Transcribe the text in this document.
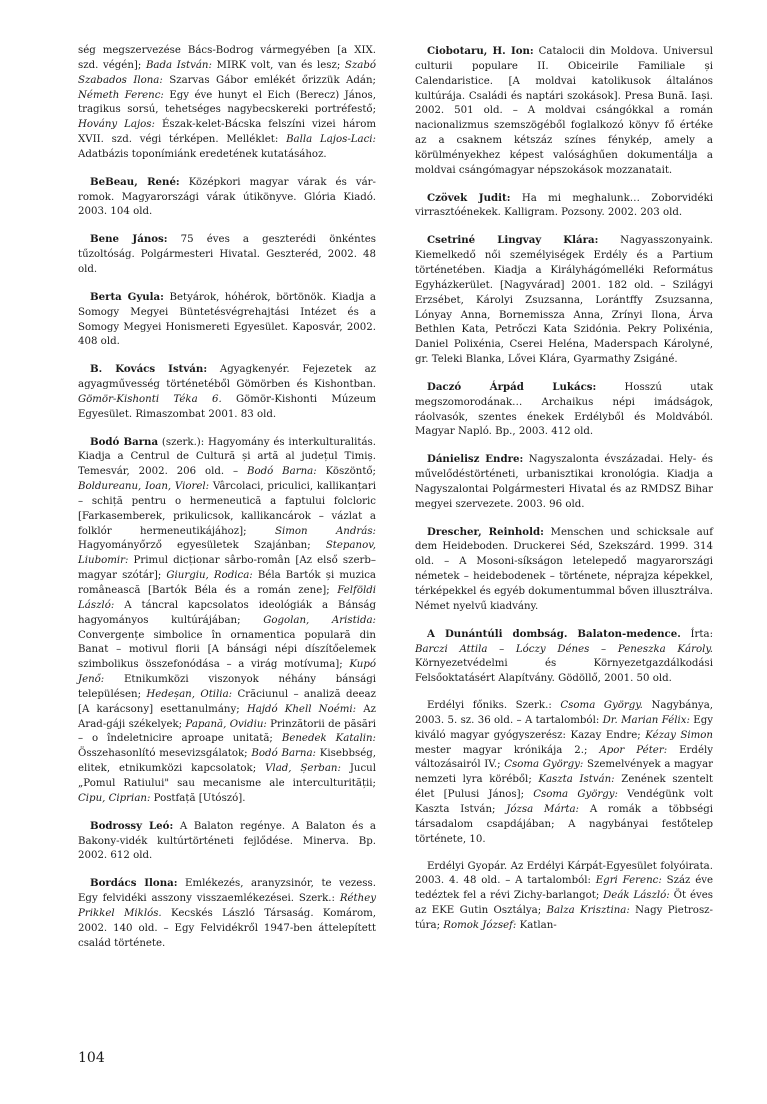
ség megszervezése Bács-Bodrog vármegyében [a XIX. szd. végén]; Bada István: MIRK volt, van és lesz; Szabó Szabados Ilona: Szarvas Gábor emlékét őrizzük Adán; Németh Ferenc: Egy éve hunyt el Eich (Berecz) János, tragikus sorsú, tehetséges nagybecskereki portréfestő; Hovány Lajos: Észak-kelet-Bácska felszíni vizei három XVII. szd. végi térképen. Melléklet: Balla Lajos-Laci: Adatbázis toponímiánk eredetének kutatásához.

BeBeau, René: Középkori magyar várak és vár-romok. Magyarországi várak útikönyve. Glória Kiadó. 2003. 104 old.

Bene János: 75 éves a geszterédi önkéntes tűzoltóság. Polgármesteri Hivatal. Geszteréd, 2002. 48 old.

Berta Gyula: Betyárok, hóhérok, börtönök. Kiadja a Somogy Megyei Büntetésvégrehajtási Intézet és a Somogy Megyei Honismereti Egyesület. Kaposvár, 2002. 408 old.

B. Kovács István: Agyagkenyér. Fejezetek az agyagművesség történetéből Gömörben és Kishontban. Gömör-Kishonti Téka 6. Gömör-Kishonti Múzeum Egyesület. Rimaszombat 2001. 83 old.

Bodó Barna (szerk.): Hagyomány és interkulturalitás. Kiadja a Centrul de Cultură și artă al județul Timiș. Temesvár, 2002. 206 old. – Bodó Barna: Köszöntő; Boldureanu, Ioan, Viorel: Vârcolaci, priculici, kallikanțari – schiță pentru o hermeneutică a faptului folcloric [Farkasemberek, prikulicsok, kallikancárok – vázlat a folklór hermeneutikájához]; Simon András: Hagyományőrző egyesületek Szajánban; Stepanov, Liubomir: Primul dicționar sârbo-român [Az első szerb–magyar szótár]; Giurgiu, Rodica: Béla Bartók și muzica românească [Bartók Béla és a román zene]; Felföldi László: A táncral kapcsolatos ideológiák a Bánság hagyományos kultúrájában; Gogolan, Aristida: Convergențe simbolice în ornamentica populară din Banat – motivul florii [A bánsági népi díszítőelemek szimbolikus összefonódása – a virág motívuma]; Kupó Jenő: Etnikumközi viszonyok néhány bánsági településen; Hedeșan, Otilia: Crăciunul – analiză deeaz [A karácsony] esettanulmány; Hajdó Khell Noémi: Az Arad-gáji székelyek; Papană, Ovidiu: Prinzătorii de păsări – o îndeletnicire aproape unitată; Benedek Katalin: Összehasonlító mesevizsgálatok; Bodó Barna: Kisebbség, elitek, etnikumközi kapcsolatok; Vlad, Șerban: Jucul „Pomul Ratiului" sau mecanisme ale interculturității; Cipu, Ciprian: Postfață [Utószó].

Bodrossy Leó: A Balaton regénye. A Balaton és a Bakony-vidék kultúrtörténeti fejlődése. Minerva. Bp. 2002. 612 old.

Bordács Ilona: Emlékezés, aranyzsinór, te vezess. Egy felvidéki asszony visszaemlékezései. Szerk.: Réthey Prikkel Miklós. Kecskés László Társaság. Komárom, 2002. 140 old. – Egy Felvidékről 1947-ben áttelepített család története.

Ciobotaru, H. Ion: Catalocii din Moldova. Universul culturii populare II. Obiceirile Familiale și Calendaristice. [A moldvai katolikusok általános kultúrája. Családi és naptári szokások]. Presa Bună. Iași. 2002. 501 old. – A moldvai csángókkal a román nacionalizmus szemszögéből foglalkozó könyv fő értéke az a csaknem kétszáz színes fénykép, amely a körülményekhez képest valósághűen dokumentálja a moldvai csángómagyar népszokások mozzanatait.

Czövek Judit: Ha mi meghalunk… Zoborvidéki virrasztóénekek. Kalligram. Pozsony. 2002. 203 old.

Csetriné Lingvay Klára: Nagyasszonyaink. Kiemelkedő női személyiségek Erdély és a Partium történetében. Kiadja a Királyhágómelléki Református Egyházkerület. [Nagyvárad] 2001. 182 old. – Szilágyi Erzsébet, Károlyi Zsuzsanna, Lorántffy Zsuzsanna, Lónyay Anna, Bornemissza Anna, Zrínyi Ilona, Árva Bethlen Kata, Petrőczi Kata Szidónia. Pekry Polixénia, Daniel Polixénia, Cserei Heléna, Maderspach Károlyné, gr. Teleki Blanka, Lővei Klára, Gyarmathy Zsigáné.

Daczó Árpád Lukács: Hosszú utak megszomorodának… Archaikus népi imádságok, ráolvasók, szentes énekek Erdélyből és Moldvából. Magyar Napló. Bp., 2003. 412 old.

Dánielisz Endre: Nagyszalonta évszázadai. Hely- és művelődéstörténeti, urbanisztikai kronológia. Kiadja a Nagyszalontai Polgármesteri Hivatal és az RMDSZ Bihar megyei szervezete. 2003. 96 old.

Drescher, Reinhold: Menschen und schicksale auf dem Heideboden. Druckerei Séd, Szekszárd. 1999. 314 old. – A Mosoni-síkságon letelepedő magyarországi németek – heidebodenek – története, néprajza képekkel, térképekkel és egyéb dokumentummal bőven illusztrálva. Német nyelvű kiadvány.

A Dunántúli dombság. Balaton-medence. Írta: Barczi Attila – Lóczy Dénes – Peneszka Károly. Környezetvédelmi és Környezetgazdálkodási Felsőoktatásért Alapítvány. Gödöllő, 2001. 50 old.

Erdélyi főniks. Szerk.: Csoma György. Nagybánya, 2003. 5. sz. 36 old. – A tartalomból: Dr. Marian Félix: Egy kiváló magyar gyógyszerész: Kazay Endre; Kézay Simon mester magyar krónikája 2.; Apor Péter: Erdély változásairól IV.; Csoma György: Szemelvények a magyar nemzeti lyra köréből; Kaszta István: Zenének szentelt élet [Pulusi János]; Csoma György: Vendégünk volt Kaszta István; Józsa Márta: A romák a többségi társadalom csapdájában; A nagybányai festőtelep története, 10.

Erdélyi Gyopár. Az Erdélyi Kárpát-Egyesület folyóirata. 2003. 4. 48 old. – A tartalomból: Egri Ferenc: Száz éve tedéztek fel a révi Zichy-barlangot; Deák László: Öt éves az EKE Gutin Osztálya; Balza Krisztina: Nagy Pietrosz-túra; Romok József: Katlan-

104
